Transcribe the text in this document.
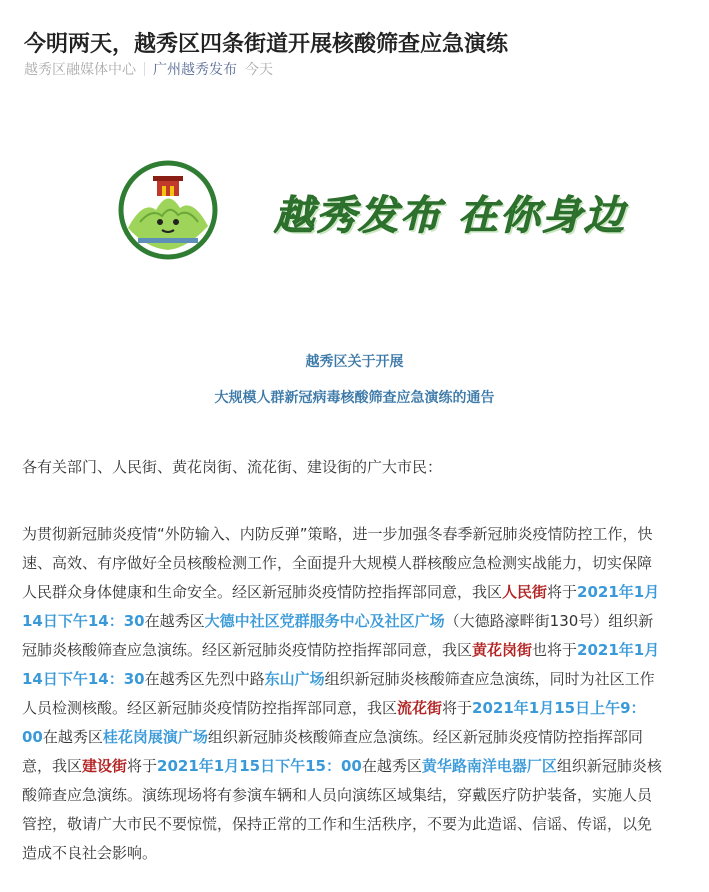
今明两天，越秀区四条街道开展核酸筛查应急演练
越秀区融媒体中心 广州越秀发布 今天
越秀发布 在你身边
越秀区关于开展
大规模人群新冠病毒核酸筛查应急演练的通告
各有关部门、人民街、黄花岗街、流花街、建设街的广大市民：
为贯彻新冠肺炎疫情“外防输入、内防反弹”策略，进一步加强冬春季新冠肺炎疫情防控工作，快
速、高效、有序做好全员核酸检测工作，全面提升大规模人群核酸应急检测实战能力，切实保障
人民群众身体健康和生命安全。经区新冠肺炎疫情防控指挥部同意，我区人民街将于2021年1月
14日下午14：30在越秀区大德中社区党群服务中心及社区广场（大德路濠畔街130号）组织新
冠肺炎核酸筛查应急演练。经区新冠肺炎疫情防控指挥部同意，我区黄花岗街也将于2021年1月
14日下午14：30在越秀区先烈中路东山广场组织新冠肺炎核酸筛查应急演练，同时为社区工作
人员检测核酸。经区新冠肺炎疫情防控指挥部同意，我区流花街将于2021年1月15日上午9：
00在越秀区桂花岗展演广场组织新冠肺炎核酸筛查应急演练。经区新冠肺炎疫情防控指挥部同
意，我区建设街将于2021年1月15日下午15：00在越秀区黄华路南洋电器厂区组织新冠肺炎核
酸筛查应急演练。演练现场将有参演车辆和人员向演练区域集结，穿戴医疗防护装备，实施人员
管控，敬请广大市民不要惊慌，保持正常的工作和生活秩序，不要为此造谣、信谣、传谣，以免
造成不良社会影响。
